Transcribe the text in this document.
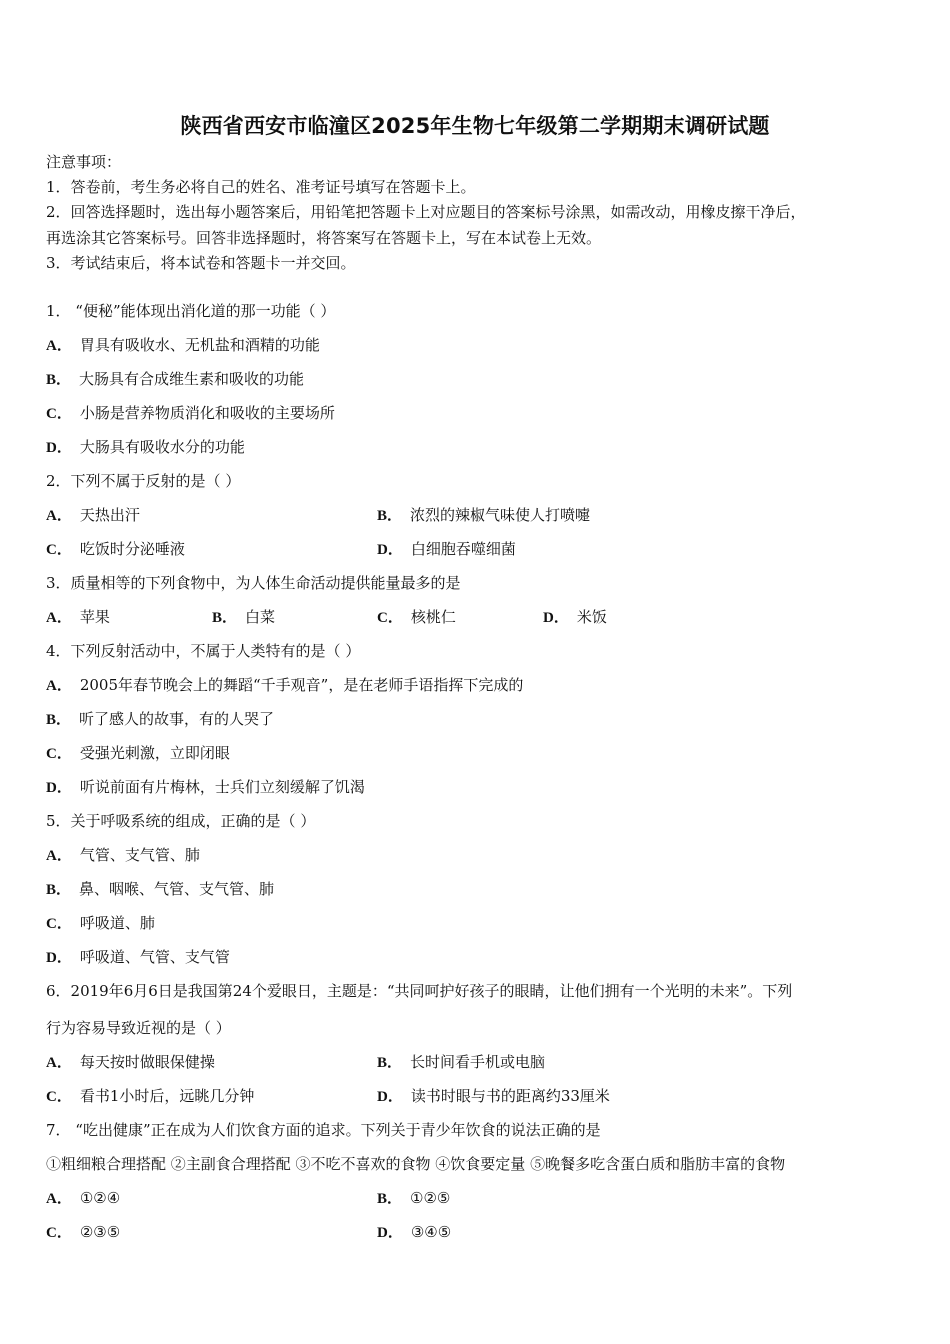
陕西省西安市临潼区2025年生物七年级第二学期期末调研试题
注意事项：
1．答卷前，考生务必将自己的姓名、准考证号填写在答题卡上。
2．回答选择题时，选出每小题答案后，用铅笔把答题卡上对应题目的答案标号涂黑，如需改动，用橡皮擦干净后，
再选涂其它答案标号。回答非选择题时，将答案写在答题卡上，写在本试卷上无效。
3．考试结束后，将本试卷和答题卡一并交回。
1． “便秘”能体现出消化道的那一功能（ ）
A． 胃具有吸收水、无机盐和酒精的功能
B． 大肠具有合成维生素和吸收的功能
C． 小肠是营养物质消化和吸收的主要场所
D． 大肠具有吸收水分的功能
2．下列不属于反射的是（ ）
A． 天热出汗	B． 浓烈的辣椒气味使人打喷嚏
C． 吃饭时分泌唾液	D． 白细胞吞噬细菌
3．质量相等的下列食物中，为人体生命活动提供能量最多的是
A． 苹果	B． 白菜	C． 核桃仁	D． 米饭
4．下列反射活动中，不属于人类特有的是（ ）
A． 2005年春节晚会上的舞蹈“千手观音”，是在老师手语指挥下完成的
B． 听了感人的故事，有的人哭了
C． 受强光刺激，立即闭眼
D． 听说前面有片梅林，士兵们立刻缓解了饥渴
5．关于呼吸系统的组成，正确的是（ ）
A． 气管、支气管、肺
B． 鼻、咽喉、气管、支气管、肺
C． 呼吸道、肺
D． 呼吸道、气管、支气管
6．2019年6月6日是我国第24个爱眼日，主题是：“共同呵护好孩子的眼睛，让他们拥有一个光明的未来”。下列
行为容易导致近视的是（ ）
A． 每天按时做眼保健操	B． 长时间看手机或电脑
C． 看书1小时后，远眺几分钟	D． 读书时眼与书的距离约33厘米
7． “吃出健康”正在成为人们饮食方面的追求。下列关于青少年饮食的说法正确的是
①粗细粮合理搭配 ②主副食合理搭配 ③不吃不喜欢的食物 ④饮食要定量 ⑤晚餐多吃含蛋白质和脂肪丰富的食物
A． ①②④	B． ①②⑤
C． ②③⑤	D． ③④⑤
